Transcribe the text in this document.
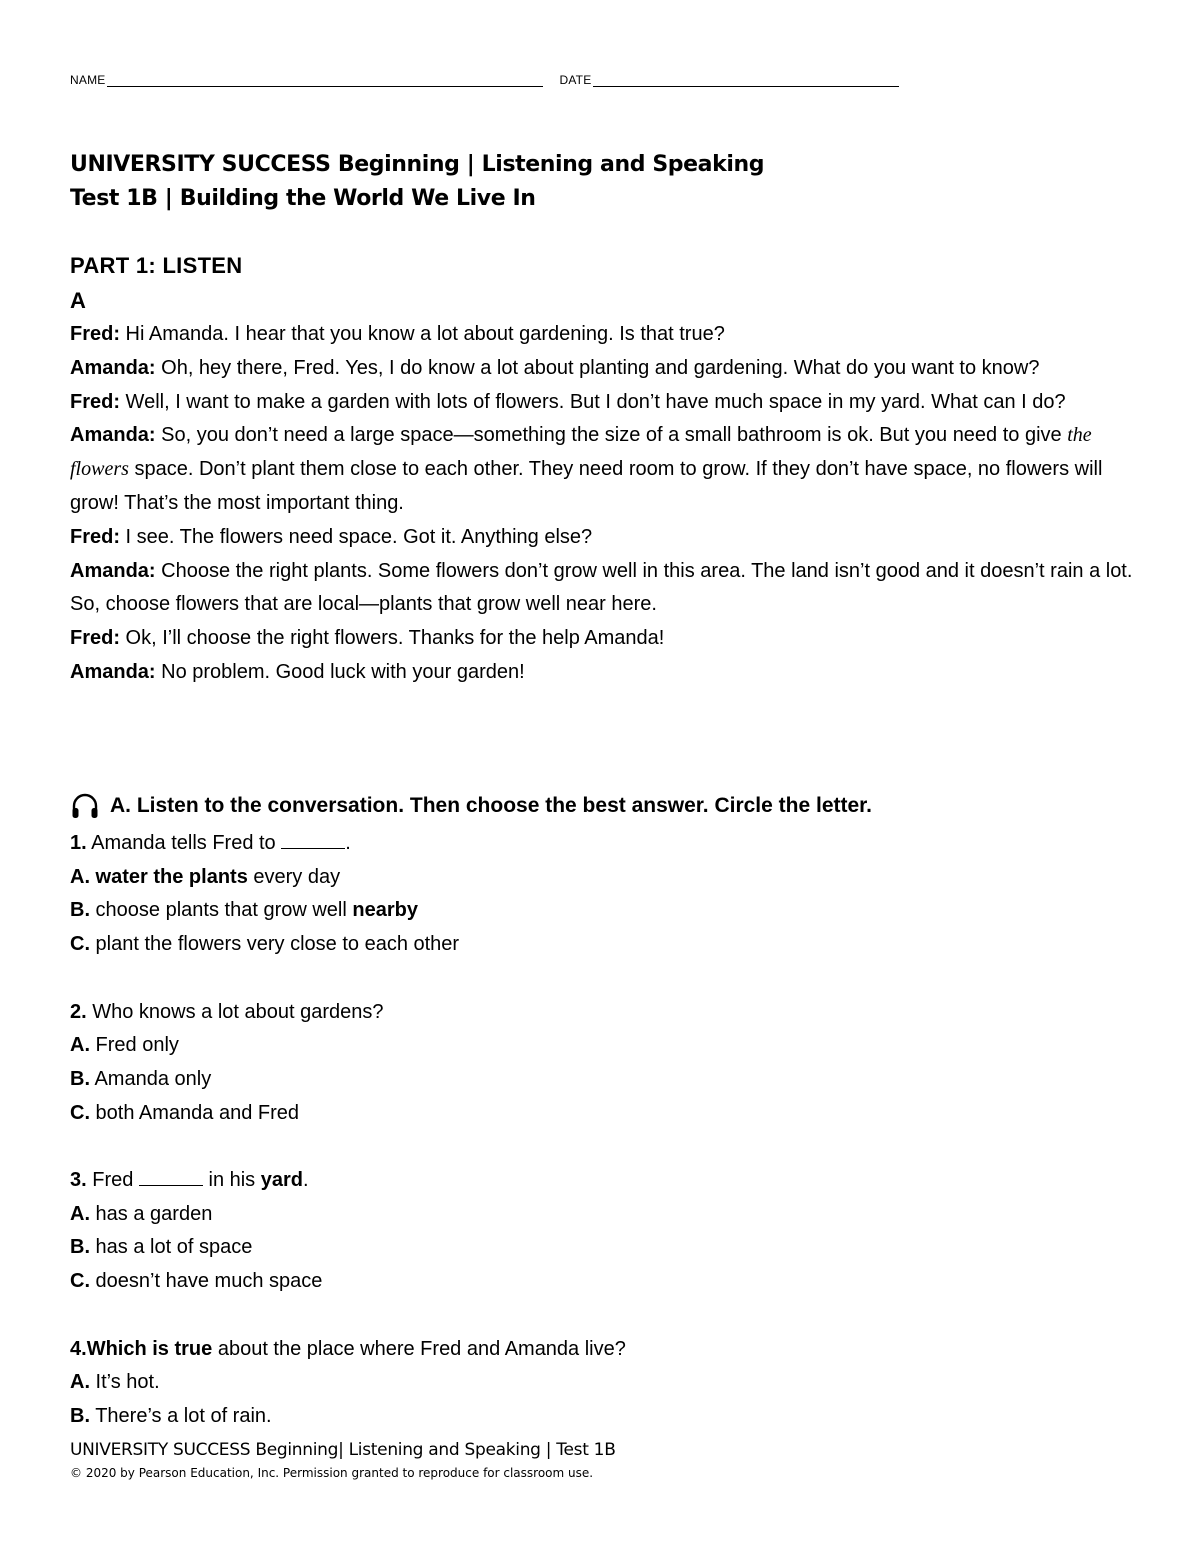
NAME	DATE
UNIVERSITY SUCCESS Beginning | Listening and Speaking
Test 1B | Building the World We Live In
PART 1: LISTEN
A

Fred: Hi Amanda. I hear that you know a lot about gardening. Is that true?

Amanda: Oh, hey there, Fred. Yes, I do know a lot about planting and gardening. What do you want to know?

Fred: Well, I want to make a garden with lots of flowers. But I don’t have much space in my yard. What can I do?

Amanda: So, you don’t need a large space—something the size of a small bathroom is ok. But you need to give the flowers space. Don’t plant them close to each other. They need room to grow. If they don’t have space, no flowers will grow! That’s the most important thing.

Fred: I see. The flowers need space. Got it. Anything else?

Amanda: Choose the right plants. Some flowers don’t grow well in this area. The land isn’t good and it doesn’t rain a lot. So, choose flowers that are local—plants that grow well near here.

Fred: Ok, I’ll choose the right flowers. Thanks for the help Amanda!

Amanda: No problem. Good luck with your garden!

A. Listen to the conversation. Then choose the best answer. Circle the letter.

1. Amanda tells Fred to	.

A. water the plants every day

B. choose plants that grow well nearby

C. plant the flowers very close to each other

2. Who knows a lot about gardens?

A. Fred only

B. Amanda only

C. both Amanda and Fred

3. Fred	in his yard.

A. has a garden

B. has a lot of space

C. doesn’t have much space

4.Which is true about the place where Fred and Amanda live?

A. It’s hot.

B. There’s a lot of rain.

UNIVERSITY SUCCESS Beginning| Listening and Speaking | Test 1B
© 2020 by Pearson Education, Inc. Permission granted to reproduce for classroom use.
